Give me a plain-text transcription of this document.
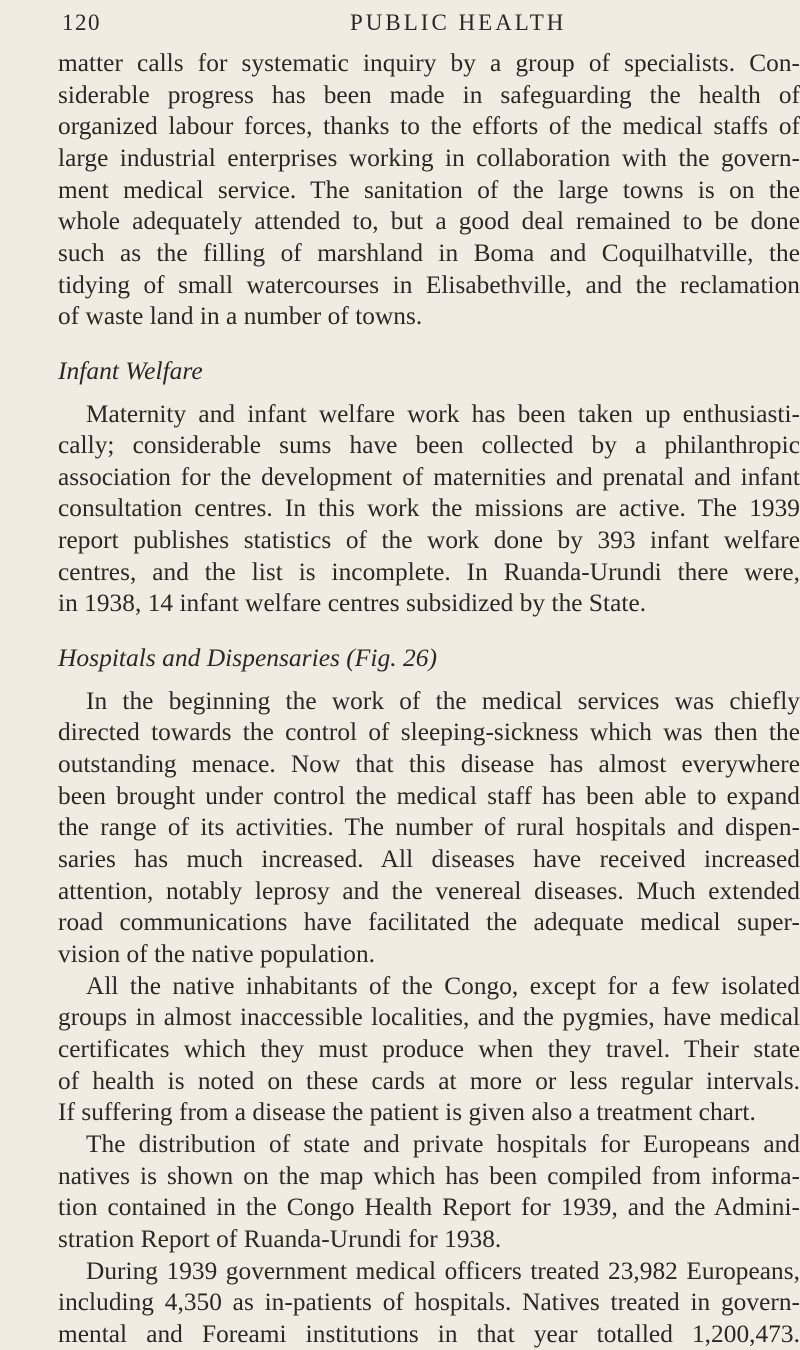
120	PUBLIC HEALTH
matter calls for systematic inquiry by a group of specialists. Con-
siderable progress has been made in safeguarding the health of
organized labour forces, thanks to the efforts of the medical staffs of
large industrial enterprises working in collaboration with the govern-
ment medical service. The sanitation of the large towns is on the
whole adequately attended to, but a good deal remained to be done
such as the filling of marshland in Boma and Coquilhatville, the
tidying of small watercourses in Elisabethville, and the reclamation
of waste land in a number of towns.
Infant Welfare
Maternity and infant welfare work has been taken up enthusiasti-
cally; considerable sums have been collected by a philanthropic
association for the development of maternities and prenatal and infant
consultation centres. In this work the missions are active. The 1939
report publishes statistics of the work done by 393 infant welfare
centres, and the list is incomplete. In Ruanda-Urundi there were,
in 1938, 14 infant welfare centres subsidized by the State.
Hospitals and Dispensaries (Fig. 26)
In the beginning the work of the medical services was chiefly
directed towards the control of sleeping-sickness which was then the
outstanding menace. Now that this disease has almost everywhere
been brought under control the medical staff has been able to expand
the range of its activities. The number of rural hospitals and dispen-
saries has much increased. All diseases have received increased
attention, notably leprosy and the venereal diseases. Much extended
road communications have facilitated the adequate medical super-
vision of the native population.
All the native inhabitants of the Congo, except for a few isolated
groups in almost inaccessible localities, and the pygmies, have medical
certificates which they must produce when they travel. Their state
of health is noted on these cards at more or less regular intervals.
If suffering from a disease the patient is given also a treatment chart.
The distribution of state and private hospitals for Europeans and
natives is shown on the map which has been compiled from informa-
tion contained in the Congo Health Report for 1939, and the Admini-
stration Report of Ruanda-Urundi for 1938.
During 1939 government medical officers treated 23,982 Europeans,
including 4,350 as in-patients of hospitals. Natives treated in govern-
mental and Foreami institutions in that year totalled 1,200,473.
